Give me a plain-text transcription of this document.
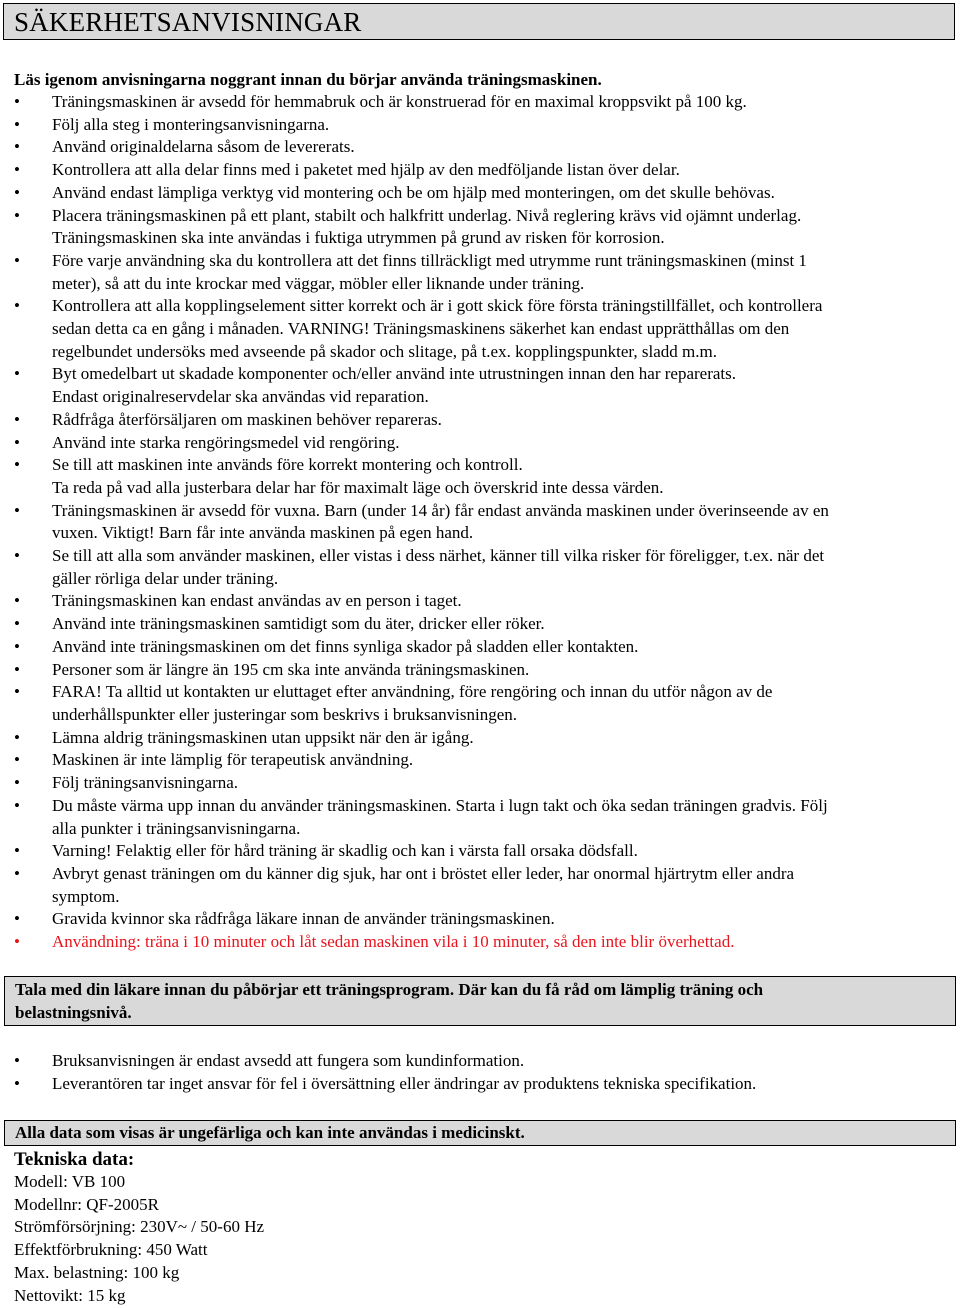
SÄKERHETSANVISNINGAR
Läs igenom anvisningarna noggrant innan du börjar använda träningsmaskinen.
•	Träningsmaskinen är avsedd för hemmabruk och är konstruerad för en maximal kroppsvikt på 100 kg.
•	Följ alla steg i monteringsanvisningarna.
•	Använd originaldelarna såsom de levererats.
•	Kontrollera att alla delar finns med i paketet med hjälp av den medföljande listan över delar.
•	Använd endast lämpliga verktyg vid montering och be om hjälp med monteringen, om det skulle behövas.
•	Placera träningsmaskinen på ett plant, stabilt och halkfritt underlag. Nivå reglering krävs vid ojämnt underlag.
Träningsmaskinen ska inte användas i fuktiga utrymmen på grund av risken för korrosion.
•	Före varje användning ska du kontrollera att det finns tillräckligt med utrymme runt träningsmaskinen (minst 1
meter), så att du inte krockar med väggar, möbler eller liknande under träning.
•	Kontrollera att alla kopplingselement sitter korrekt och är i gott skick före första träningstillfället, och kontrollera
sedan detta ca en gång i månaden. VARNING! Träningsmaskinens säkerhet kan endast upprätthållas om den
regelbundet undersöks med avseende på skador och slitage, på t.ex. kopplingspunkter, sladd m.m.
•	Byt omedelbart ut skadade komponenter och/eller använd inte utrustningen innan den har reparerats.
Endast originalreservdelar ska användas vid reparation.
•	Rådfråga återförsäljaren om maskinen behöver repareras.
•	Använd inte starka rengöringsmedel vid rengöring.
•	Se till att maskinen inte används före korrekt montering och kontroll.
Ta reda på vad alla justerbara delar har för maximalt läge och överskrid inte dessa värden.
•	Träningsmaskinen är avsedd för vuxna. Barn (under 14 år) får endast använda maskinen under överinseende av en
vuxen. Viktigt! Barn får inte använda maskinen på egen hand.
•	Se till att alla som använder maskinen, eller vistas i dess närhet, känner till vilka risker för föreligger, t.ex. när det
gäller rörliga delar under träning.
•	Träningsmaskinen kan endast användas av en person i taget.
•	Använd inte träningsmaskinen samtidigt som du äter, dricker eller röker.
•	Använd inte träningsmaskinen om det finns synliga skador på sladden eller kontakten.
•	Personer som är längre än 195 cm ska inte använda träningsmaskinen.
•	FARA! Ta alltid ut kontakten ur eluttaget efter användning, före rengöring och innan du utför någon av de
underhållspunkter eller justeringar som beskrivs i bruksanvisningen.
•	Lämna aldrig träningsmaskinen utan uppsikt när den är igång.
•	Maskinen är inte lämplig för terapeutisk användning.
•	Följ träningsanvisningarna.
•	Du måste värma upp innan du använder träningsmaskinen. Starta i lugn takt och öka sedan träningen gradvis. Följ
alla punkter i träningsanvisningarna.
•	Varning! Felaktig eller för hård träning är skadlig och kan i värsta fall orsaka dödsfall.
•	Avbryt genast träningen om du känner dig sjuk, har ont i bröstet eller leder, har onormal hjärtrytm eller andra
symptom.
•	Gravida kvinnor ska rådfråga läkare innan de använder träningsmaskinen.
•	Användning: träna i 10 minuter och låt sedan maskinen vila i 10 minuter, så den inte blir överhettad.
Tala med din läkare innan du påbörjar ett träningsprogram. Där kan du få råd om lämplig träning och
belastningsnivå.
•	Bruksanvisningen är endast avsedd att fungera som kundinformation.
•	Leverantören tar inget ansvar för fel i översättning eller ändringar av produktens tekniska specifikation.
Alla data som visas är ungefärliga och kan inte användas i medicinskt.
Tekniska data:
Modell: VB 100
Modellnr: QF-2005R
Strömförsörjning: 230V~ / 50-60 Hz
Effektförbrukning: 450 Watt
Max. belastning: 100 kg
Nettovikt: 15 kg
